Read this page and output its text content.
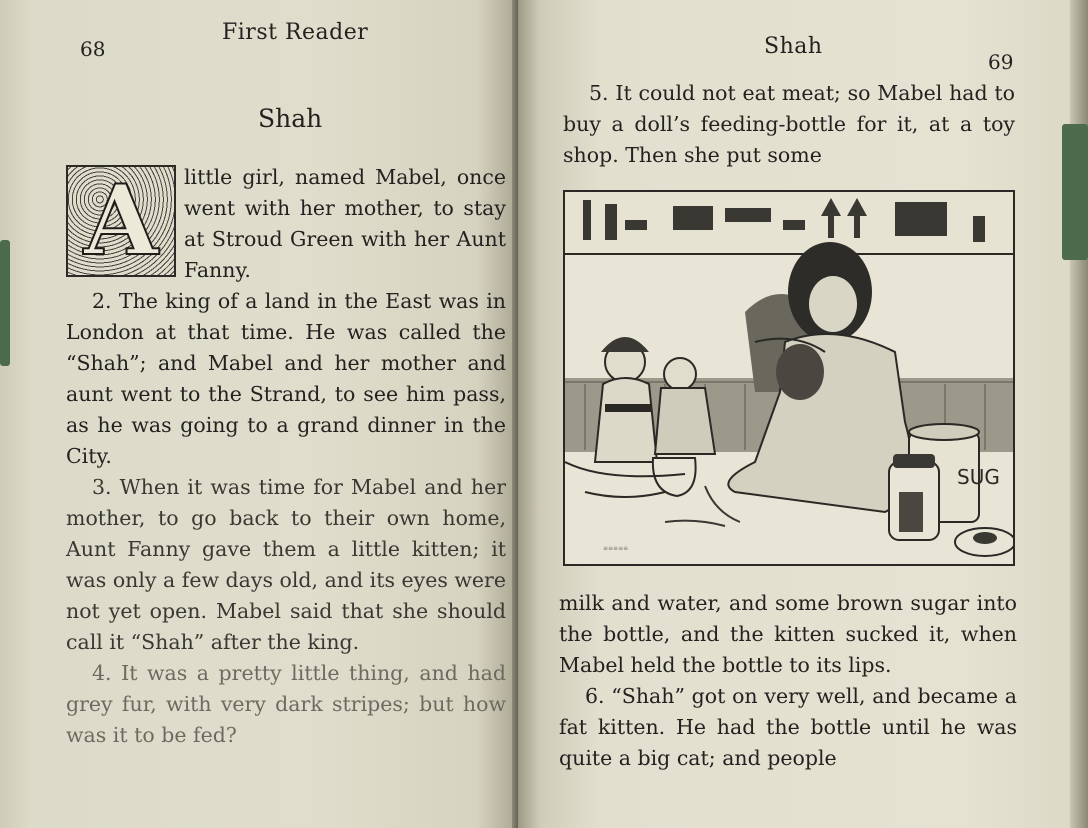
68
First Reader
Shah
A	little girl, named Mabel, once went with her mother, to stay at Stroud Green with her Aunt Fanny.

2. The king of a land in the East was in London at that time. He was called the “Shah”; and Mabel and her mother and aunt went to the Strand, to see him pass, as he was going to a grand dinner in the City.

3. When it was time for Mabel and her mother, to go back to their own home, Aunt Fanny gave them a little kitten; it was only a few days old, and its eyes were not yet open. Mabel said that she should call it “Shah” after the king.

4. It was a pretty little thing, and had grey fur, with very dark stripes; but how was it to be fed?

Shah
69

5. It could not eat meat; so Mabel had to buy a doll’s feeding-bottle for it, at a toy shop. Then she put some

milk and water, and some brown sugar into the bottle, and the kitten sucked it, when Mabel held the bottle to its lips.

6. “Shah” got on very well, and became a fat kitten. He had the bottle until he was quite a big cat; and people

SUG
≡≡≡≡≡
